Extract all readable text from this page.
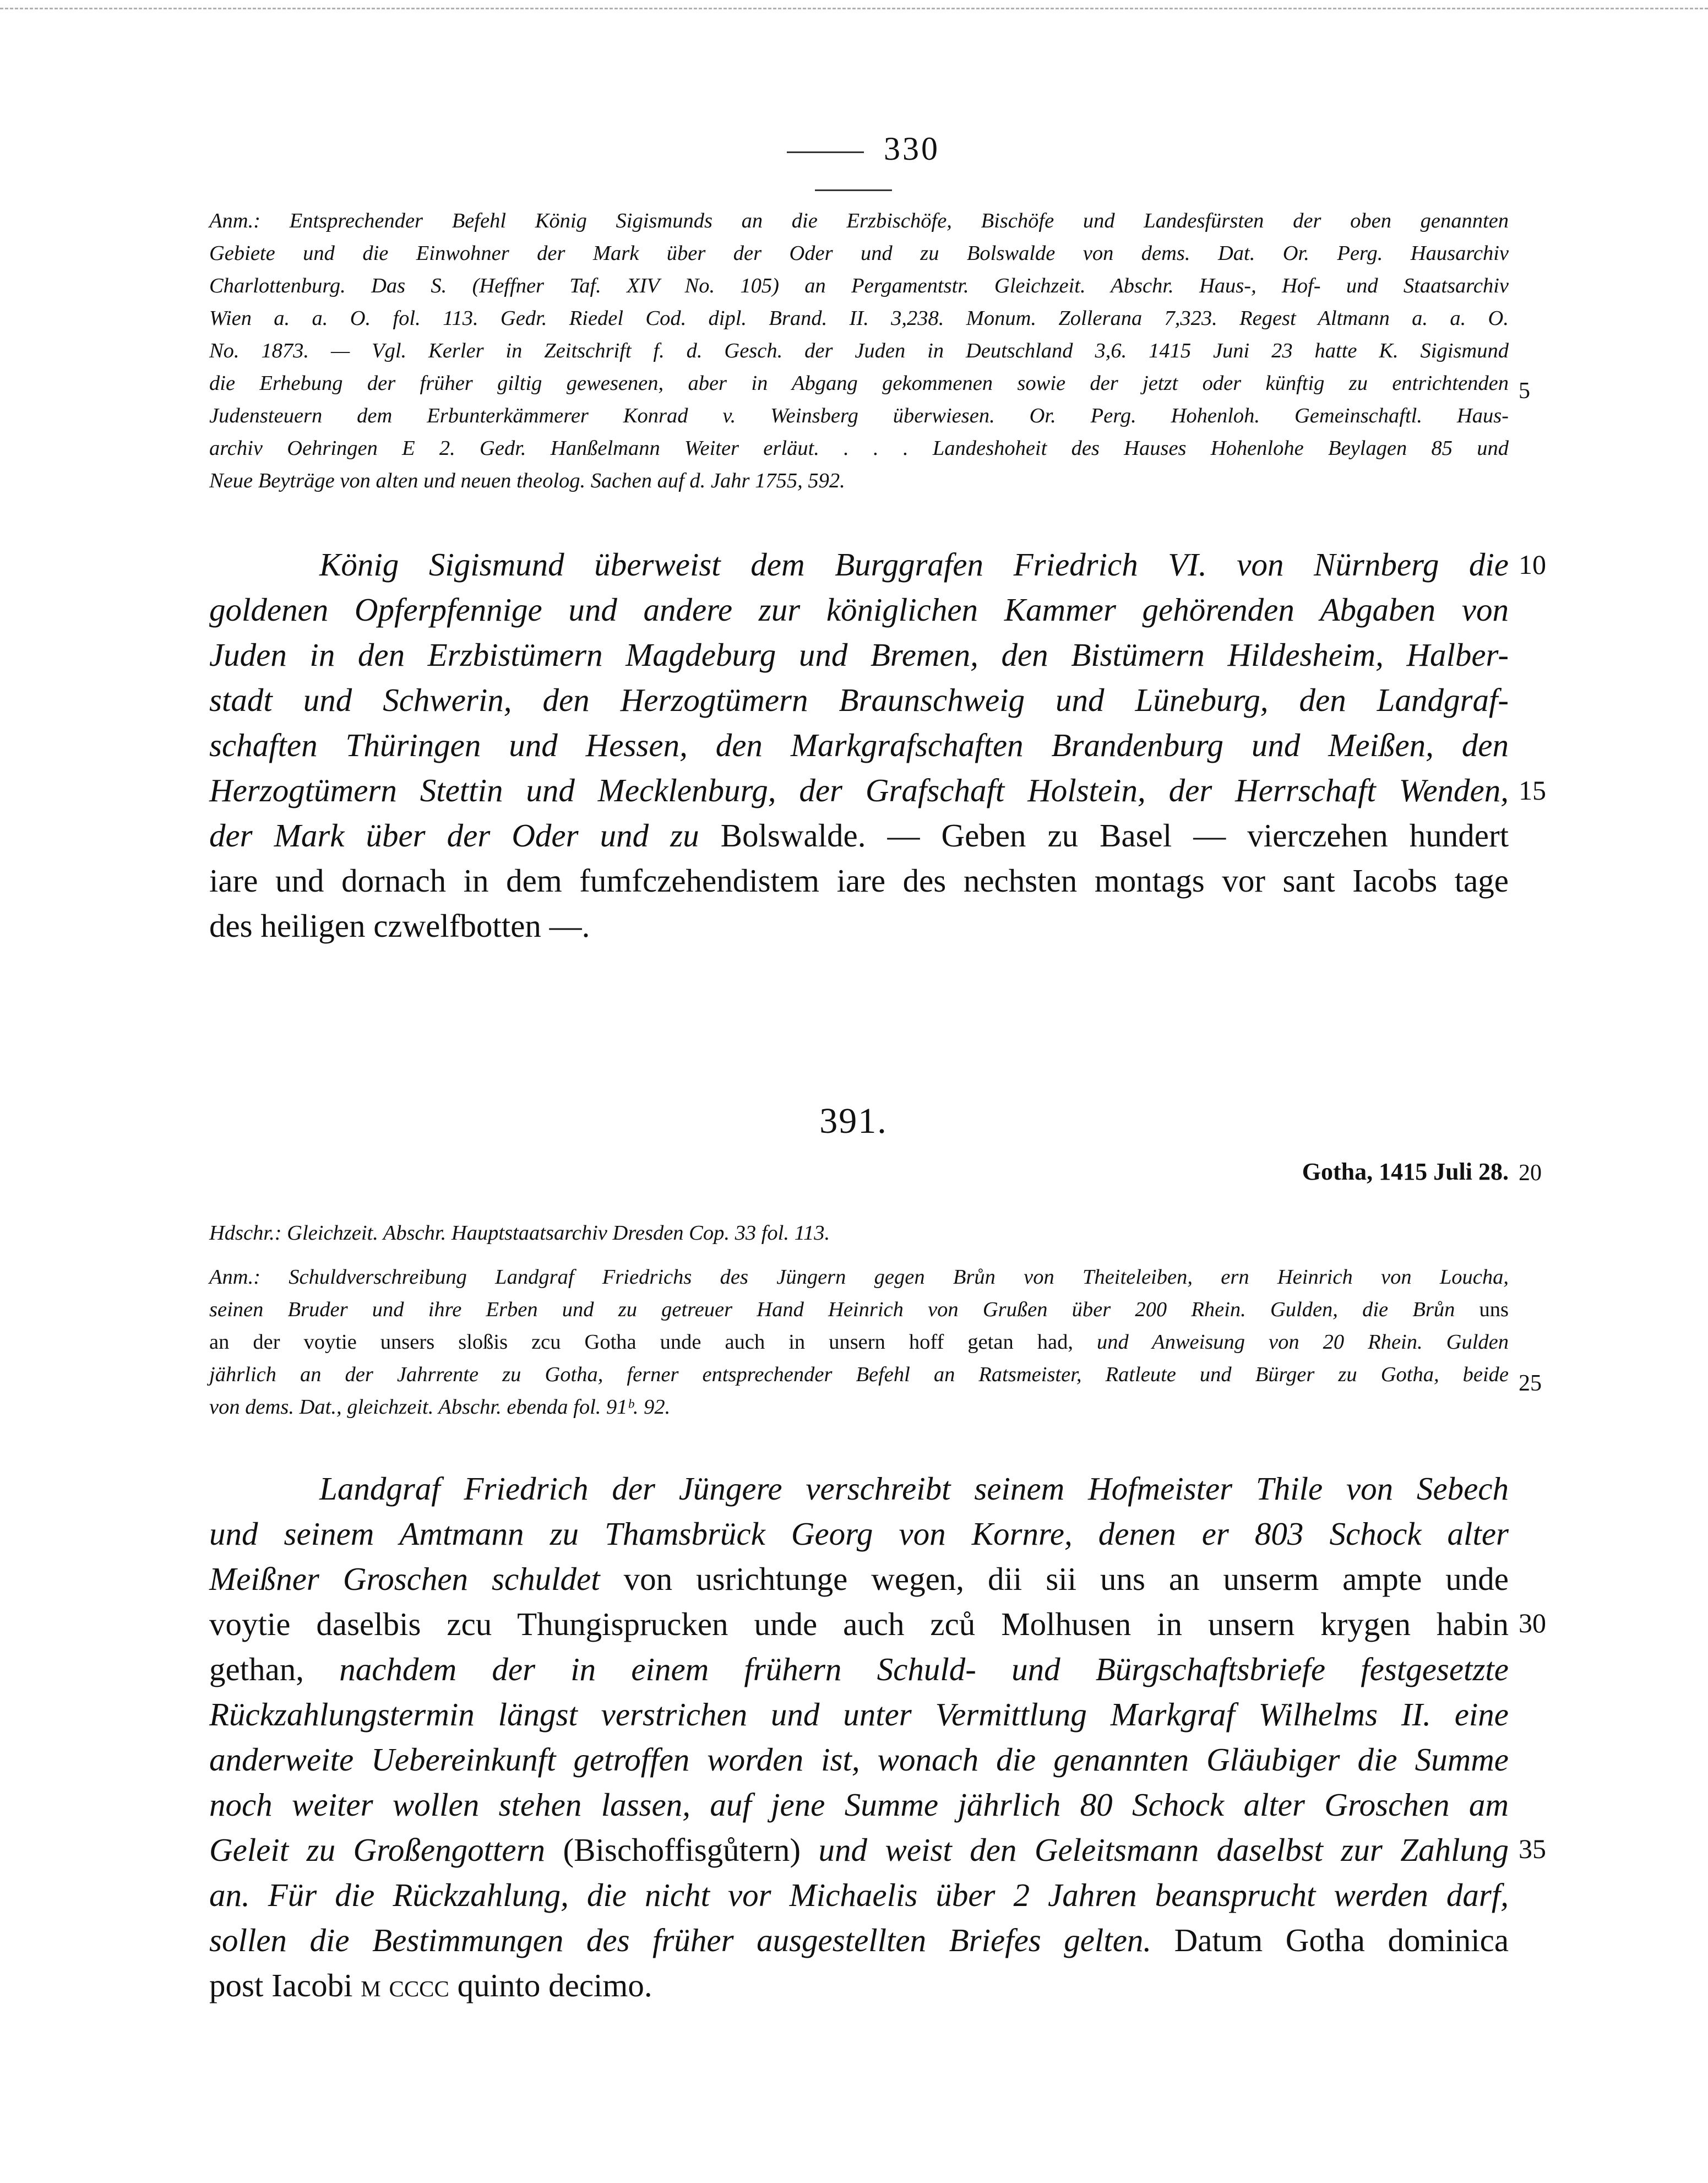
330
Anm.: Entsprechender Befehl König Sigismunds an die Erzbischöfe, Bischöfe und Landesfürsten der oben genannten
Gebiete und die Einwohner der Mark über der Oder und zu Bolswalde von dems. Dat. Or. Perg. Hausarchiv
Charlottenburg. Das S. (Heffner Taf. XIV No. 105) an Pergamentstr. Gleichzeit. Abschr. Haus-, Hof- und Staatsarchiv
Wien a. a. O. fol. 113. Gedr. Riedel Cod. dipl. Brand. II. 3,238. Monum. Zollerana 7,323. Regest Altmann a. a. O.
No. 1873. — Vgl. Kerler in Zeitschrift f. d. Gesch. der Juden in Deutschland 3,6. 1415 Juni 23 hatte K. Sigismund
die Erhebung der früher giltig gewesenen, aber in Abgang gekommenen sowie der jetzt oder künftig zu entrichtenden
Judensteuern dem Erbunterkämmerer Konrad v. Weinsberg überwiesen. Or. Perg. Hohenloh. Gemeinschaftl. Haus-
archiv Oehringen E 2. Gedr. Hanßelmann Weiter erläut. . . . Landeshoheit des Hauses Hohenlohe Beylagen 85 und
Neue Beyträge von alten und neuen theolog. Sachen auf d. Jahr 1755, 592.
5
König Sigismund überweist dem Burggrafen Friedrich VI. von Nürnberg die
goldenen Opferpfennige und andere zur königlichen Kammer gehörenden Abgaben von
Juden in den Erzbistümern Magdeburg und Bremen, den Bistümern Hildesheim, Halber-
stadt und Schwerin, den Herzogtümern Braunschweig und Lüneburg, den Landgraf-
schaften Thüringen und Hessen, den Markgrafschaften Brandenburg und Meißen, den
Herzogtümern Stettin und Mecklenburg, der Grafschaft Holstein, der Herrschaft Wenden,
der Mark über der Oder und zu Bolswalde. — Geben zu Basel — vierczehen hundert
iare und dornach in dem fumfczehendistem iare des nechsten montags vor sant Iacobs tage
des heiligen czwelfbotten —.
10
15
391.
Gotha, 1415 Juli 28. 20
Hdschr.: Gleichzeit. Abschr. Hauptstaatsarchiv Dresden Cop. 33 fol. 113.
Anm.: Schuldverschreibung Landgraf Friedrichs des Jüngern gegen Brůn von Theiteleiben, ern Heinrich von Loucha,
seinen Bruder und ihre Erben und zu getreuer Hand Heinrich von Grußen über 200 Rhein. Gulden, die Brůn uns
an der voytie unsers sloßis zcu Gotha unde auch in unsern hoff getan had, und Anweisung von 20 Rhein. Gulden
jährlich an der Jahrrente zu Gotha, ferner entsprechender Befehl an Ratsmeister, Ratleute und Bürger zu Gotha, beide
von dems. Dat., gleichzeit. Abschr. ebenda fol. 91ᵇ. 92.
25
Landgraf Friedrich der Jüngere verschreibt seinem Hofmeister Thile von Sebech
und seinem Amtmann zu Thamsbrück Georg von Kornre, denen er 803 Schock alter
Meißner Groschen schuldet von usrichtunge wegen, dii sii uns an unserm ampte unde
voytie daselbis zcu Thungisprucken unde auch zců Molhusen in unsern krygen habin
gethan, nachdem der in einem frühern Schuld- und Bürgschaftsbriefe festgesetzte
Rückzahlungstermin längst verstrichen und unter Vermittlung Markgraf Wilhelms II. eine
anderweite Uebereinkunft getroffen worden ist, wonach die genannten Gläubiger die Summe
noch weiter wollen stehen lassen, auf jene Summe jährlich 80 Schock alter Groschen am
Geleit zu Großengottern (Bischoffisgůtern) und weist den Geleitsmann daselbst zur Zahlung
an. Für die Rückzahlung, die nicht vor Michaelis über 2 Jahren beansprucht werden darf,
sollen die Bestimmungen des früher ausgestellten Briefes gelten. Datum Gotha dominica
post Iacobi m cccc quinto decimo.
30
35
